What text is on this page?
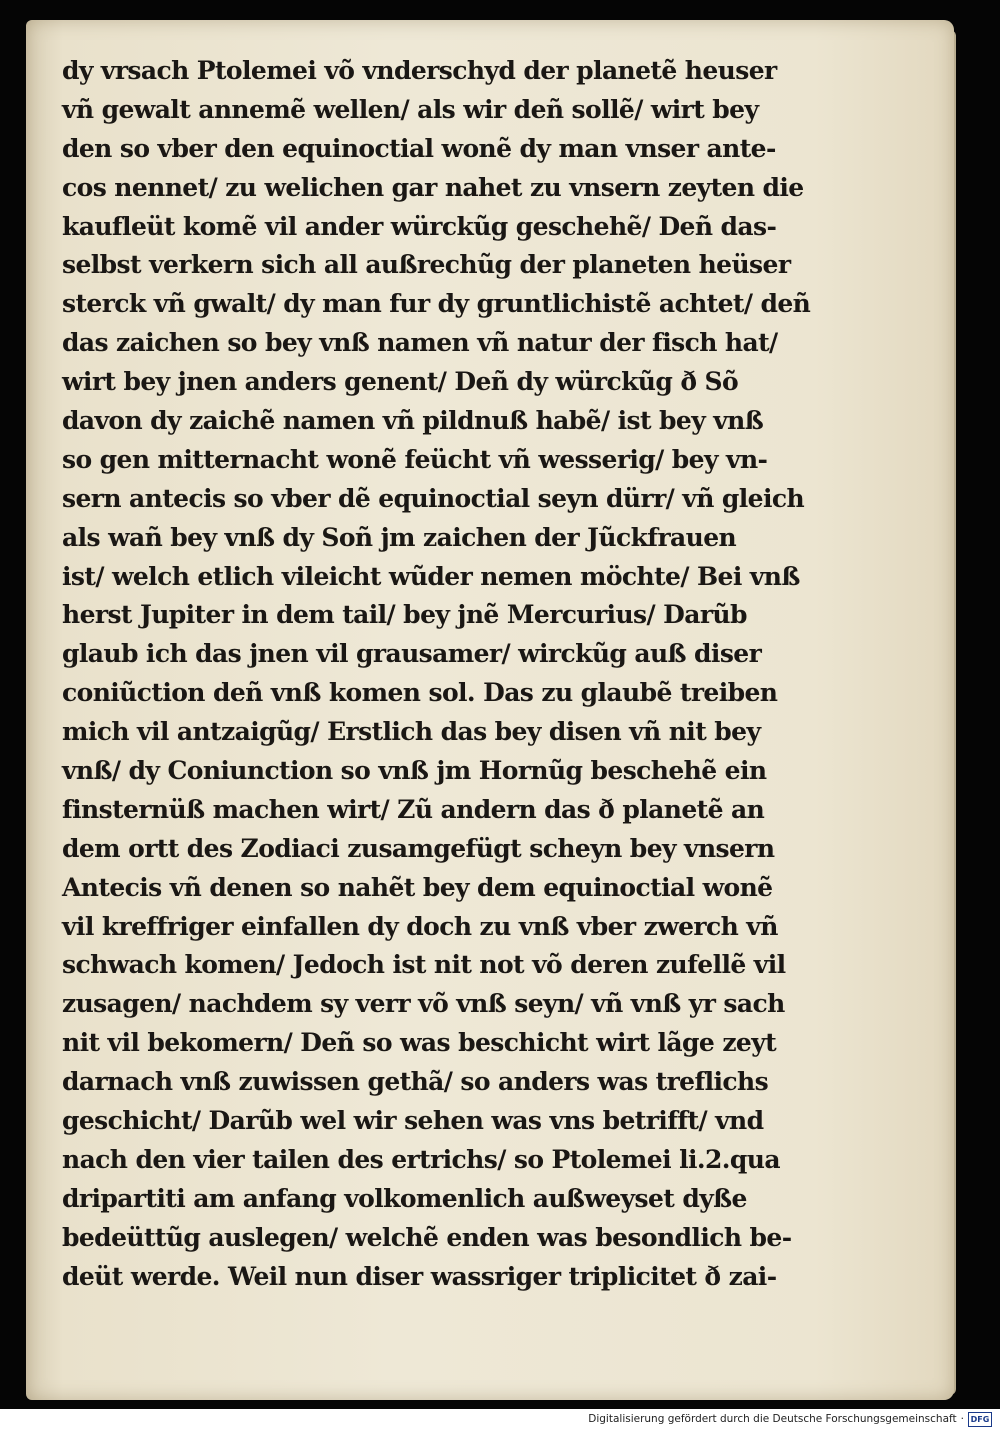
dy vrsach Ptolemei võ vnderschyd der planetẽ heuser
vñ gewalt annemẽ wellen/ als wir deñ sollẽ/ wirt bey
den so vber den equinoctial wonẽ dy man vnser ante-
cos nennet/ zu welichen gar nahet zu vnsern zeyten die
kaufleüt komẽ vil ander würckũg geschehẽ/ Deñ das-
selbst verkern sich all außrechũg der planeten heüser
sterck vñ gwalt/ dy man fur dy gruntlichistẽ achtet/ deñ
das zaichen so bey vnß namen vñ natur der fisch hat/
wirt bey jnen anders genent/ Deñ dy würckũg ð Sõ
davon dy zaichẽ namen vñ pildnuß habẽ/ ist bey vnß
so gen mitternacht wonẽ feücht vñ wesserig/ bey vn-
sern antecis so vber dẽ equinoctial seyn dürr/ vñ gleich
als wañ bey vnß dy Soñ jm zaichen der Jũckfrauen
ist/ welch etlich vileicht wũder nemen möchte/ Bei vnß
herst Jupiter in dem tail/ bey jnẽ Mercurius/ Darũb
glaub ich das jnen vil grausamer/ wirckũg auß diser
coniũction deñ vnß komen sol. Das zu glaubẽ treiben
mich vil antzaigũg/ Erstlich das bey disen vñ nit bey
vnß/ dy Coniunction so vnß jm Hornũg beschehẽ ein
finsternüß machen wirt/ Zũ andern das ð planetẽ an
dem ortt des Zodiaci zusamgefügt scheyn bey vnsern
Antecis vñ denen so nahẽt bey dem equinoctial wonẽ
vil kreffriger einfallen dy doch zu vnß vber zwerch vñ
schwach komen/ Jedoch ist nit not võ deren zufellẽ vil
zusagen/ nachdem sy verr võ vnß seyn/ vñ vnß yr sach
nit vil bekomern/ Deñ so was beschicht wirt lãge zeyt
darnach vnß zuwissen gethã/ so anders was treflichs
geschicht/ Darũb wel wir sehen was vns betrifft/ vnd
nach den vier tailen des ertrichs/ so Ptolemei li.2.qua
dripartiti am anfang volkomenlich außweyset dyße
bedeüttũg auslegen/ welchẽ enden was besondlich be-
deüt werde. Weil nun diser wassriger triplicitet ð zai-
Digitalisierung gefördert durch die Deutsche Forschungsgemeinschaft · DFG
